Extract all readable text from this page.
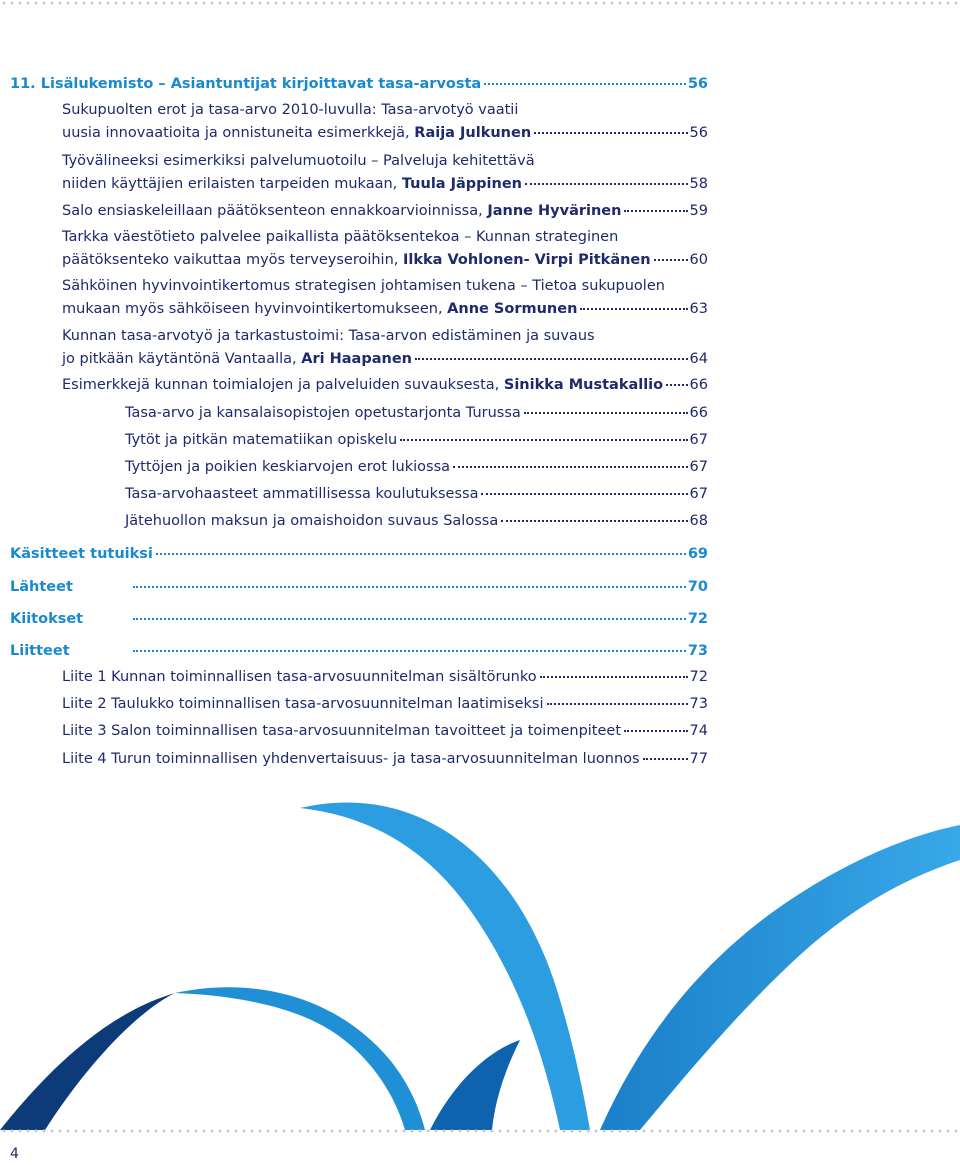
11. Lisälukemisto – Asiantuntijat kirjoittavat tasa-arvosta	56
Sukupuolten erot ja tasa-arvo 2010-luvulla: Tasa-arvotyö vaatii
uusia innovaatioita ja onnistuneita esimerkkejä, Raija Julkunen	56
Työvälineeksi esimerkiksi palvelumuotoilu – Palveluja kehitettävä
niiden käyttäjien erilaisten tarpeiden mukaan, Tuula Jäppinen	58
Salo ensiaskeleillaan päätöksenteon ennakkoarvioinnissa, Janne Hyvärinen	59
Tarkka väestötieto palvelee paikallista päätöksentekoa – Kunnan strateginen
päätöksenteko vaikuttaa myös terveyseroihin, Ilkka Vohlonen- Virpi Pitkänen	60
Sähköinen hyvinvointikertomus strategisen johtamisen tukena – Tietoa sukupuolen
mukaan myös sähköiseen hyvinvointikertomukseen, Anne Sormunen	63
Kunnan tasa-arvotyö ja tarkastustoimi: Tasa-arvon edistäminen ja suvaus
jo pitkään käytäntönä Vantaalla, Ari Haapanen	64
Esimerkkejä kunnan toimialojen ja palveluiden suvauksesta, Sinikka Mustakallio 66
Tasa-arvo ja kansalaisopistojen opetustarjonta Turussa	66
Tytöt ja pitkän matematiikan opiskelu	67
Tyttöjen ja poikien keskiarvojen erot lukiossa	67
Tasa-arvohaasteet ammatillisessa koulutuksessa	67
Jätehuollon maksun ja omaishoidon suvaus Salossa	68
Käsitteet tutuiksi	69
Lähteet	70
Kiitokset	72
Liitteet	73
Liite 1 Kunnan toiminnallisen tasa-arvosuunnitelman sisältörunko	72
Liite 2 Taulukko toiminnallisen tasa-arvosuunnitelman laatimiseksi	73
Liite 3 Salon toiminnallisen tasa-arvosuunnitelman tavoitteet ja toimenpiteet	74
Liite 4 Turun toiminnallisen yhdenvertaisuus- ja tasa-arvosuunnitelman luonnos	77
4
